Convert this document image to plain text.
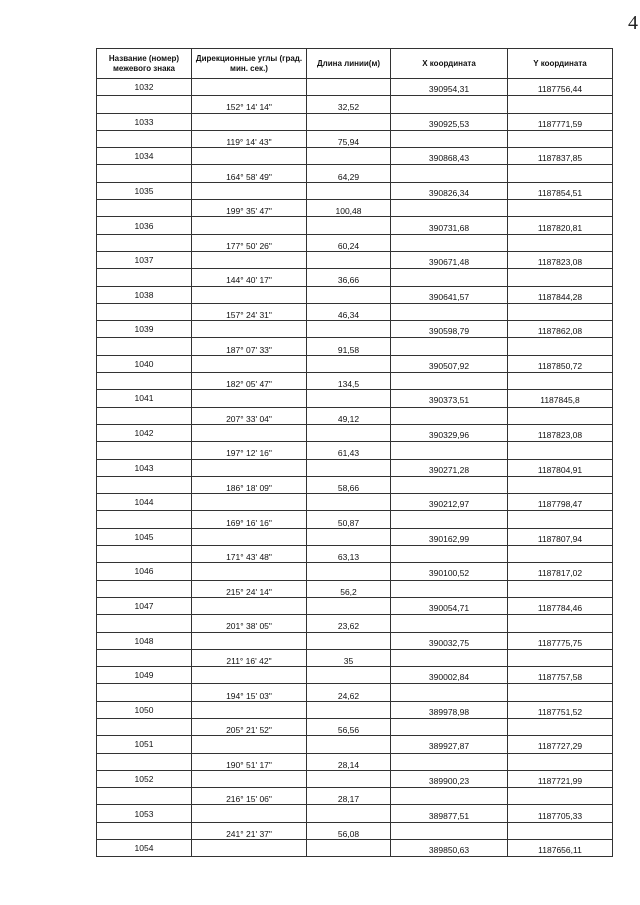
4
Название (номер) межевого знака	Дирекционные углы (град. мин. сек.)	Длина линии(м)	X координата	Y координата
1032			390954,31	1187756,44
	152° 14' 14"	32,52		
1033			390925,53	1187771,59
	119° 14' 43"	75,94		
1034			390868,43	1187837,85
	164° 58' 49"	64,29		
1035			390826,34	1187854,51
	199° 35' 47"	100,48		
1036			390731,68	1187820,81
	177° 50' 26"	60,24		
1037			390671,48	1187823,08
	144° 40' 17"	36,66		
1038			390641,57	1187844,28
	157° 24' 31"	46,34		
1039			390598,79	1187862,08
	187° 07' 33"	91,58		
1040			390507,92	1187850,72
	182° 05' 47"	134,5		
1041			390373,51	1187845,8
	207° 33' 04"	49,12		
1042			390329,96	1187823,08
	197° 12' 16"	61,43		
1043			390271,28	1187804,91
	186° 18' 09"	58,66		
1044			390212,97	1187798,47
	169° 16' 16"	50,87		
1045			390162,99	1187807,94
	171° 43' 48"	63,13		
1046			390100,52	1187817,02
	215° 24' 14"	56,2		
1047			390054,71	1187784,46
	201° 38' 05"	23,62		
1048			390032,75	1187775,75
	211° 16' 42"	35		
1049			390002,84	1187757,58
	194° 15' 03"	24,62		
1050			389978,98	1187751,52
	205° 21' 52"	56,56		
1051			389927,87	1187727,29
	190° 51' 17"	28,14		
1052			389900,23	1187721,99
	216° 15' 06"	28,17		
1053			389877,51	1187705,33
	241° 21' 37"	56,08		
1054			389850,63	1187656,11
